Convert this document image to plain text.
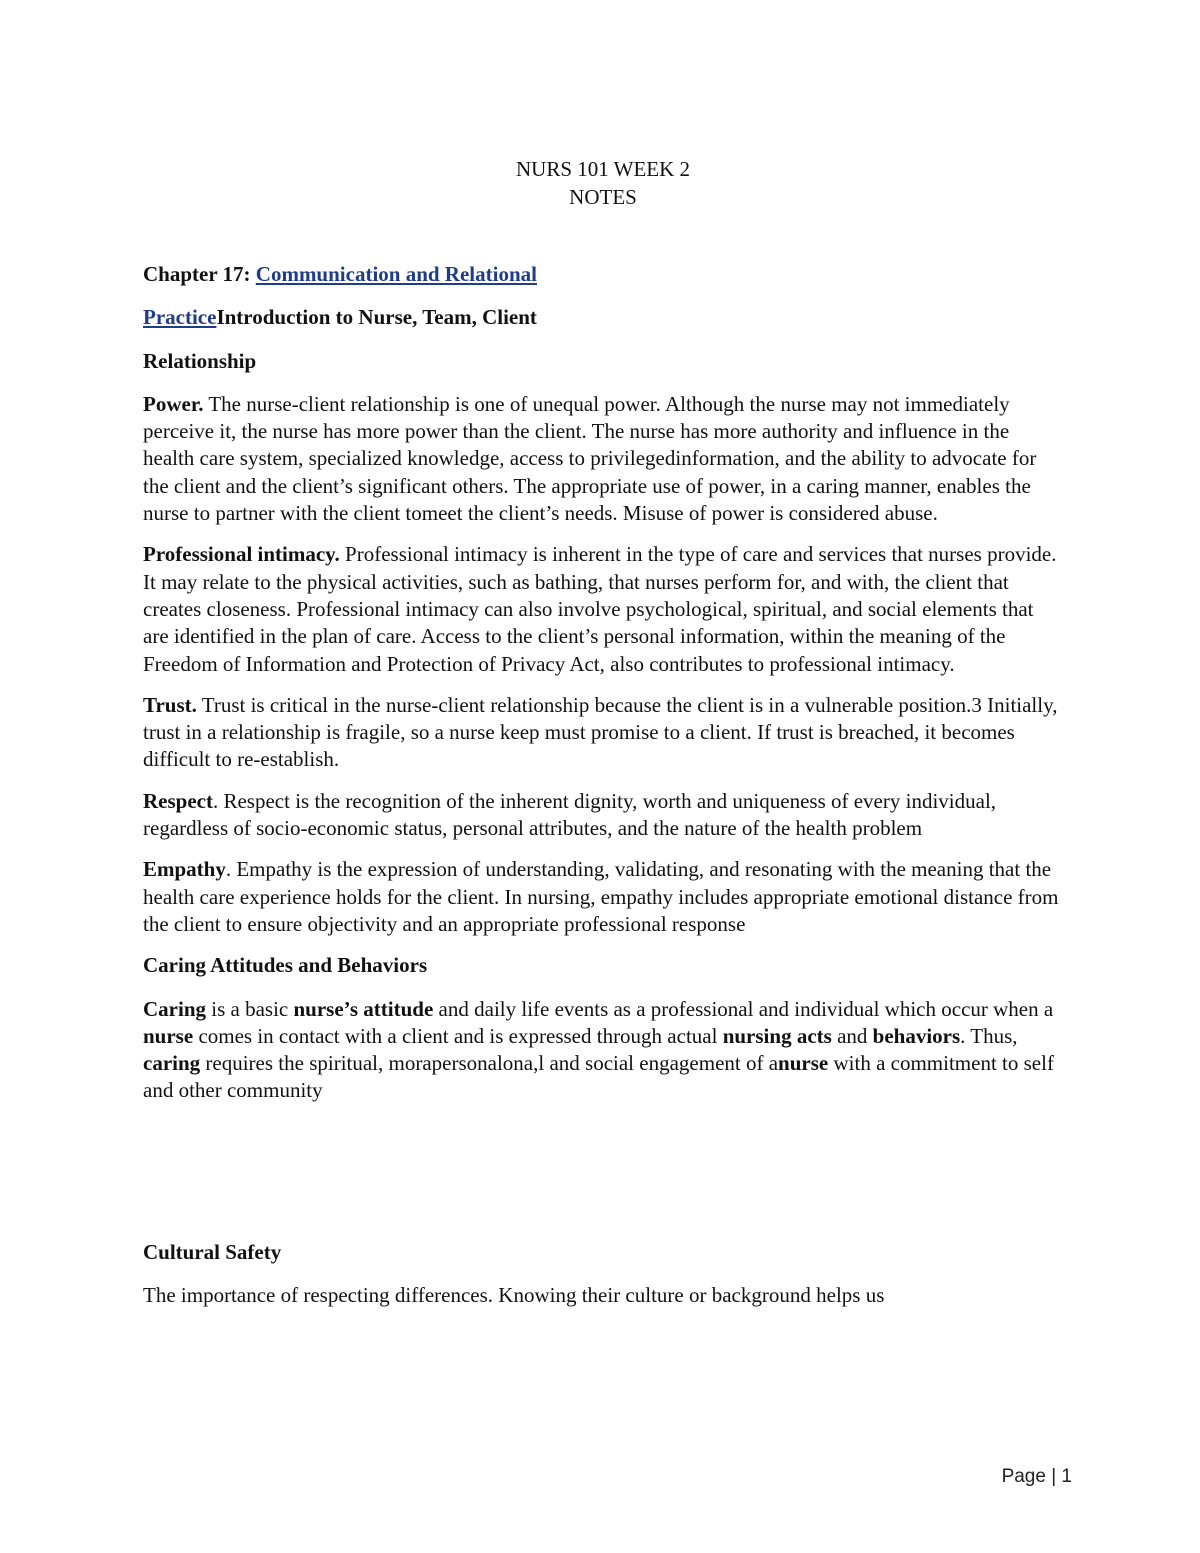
NURS 101 WEEK 2
NOTES
Chapter 17: Communication and Relational
PracticeIntroduction to Nurse, Team, Client
Relationship

Power. The nurse-client relationship is one of unequal power. Although the nurse may not immediately perceive it, the nurse has more power than the client. The nurse has more authority and influence in the health care system, specialized knowledge, access to privilegedinformation, and the ability to advocate for the client and the client’s significant others. The appropriate use of power, in a caring manner, enables the nurse to partner with the client tomeet the client’s needs. Misuse of power is considered abuse.

Professional intimacy. Professional intimacy is inherent in the type of care and services that nurses provide. It may relate to the physical activities, such as bathing, that nurses perform for, and with, the client that creates closeness. Professional intimacy can also involve psychological, spiritual, and social elements that are identified in the plan of care. Access to the client’s personal information, within the meaning of the Freedom of Information and Protection of Privacy Act, also contributes to professional intimacy.

Trust. Trust is critical in the nurse-client relationship because the client is in a vulnerable position.3 Initially, trust in a relationship is fragile, so a nurse keep must promise to a client. If trust is breached, it becomes difficult to re-establish.

Respect. Respect is the recognition of the inherent dignity, worth and uniqueness of every individual, regardless of socio-economic status, personal attributes, and the nature of the health problem

Empathy. Empathy is the expression of understanding, validating, and resonating with the meaning that the health care experience holds for the client. In nursing, empathy includes appropriate emotional distance from the client to ensure objectivity and an appropriate professional response

Caring Attitudes and Behaviors

Caring is a basic nurse’s attitude and daily life events as a professional and individual which occur when a nurse comes in contact with a client and is expressed through actual nursing acts and behaviors. Thus, caring requires the spiritual, morapersonalona,l and social engagement of anurse with a commitment to self and other community

Cultural Safety

The importance of respecting differences. Knowing their culture or background helps us

Page | 1
